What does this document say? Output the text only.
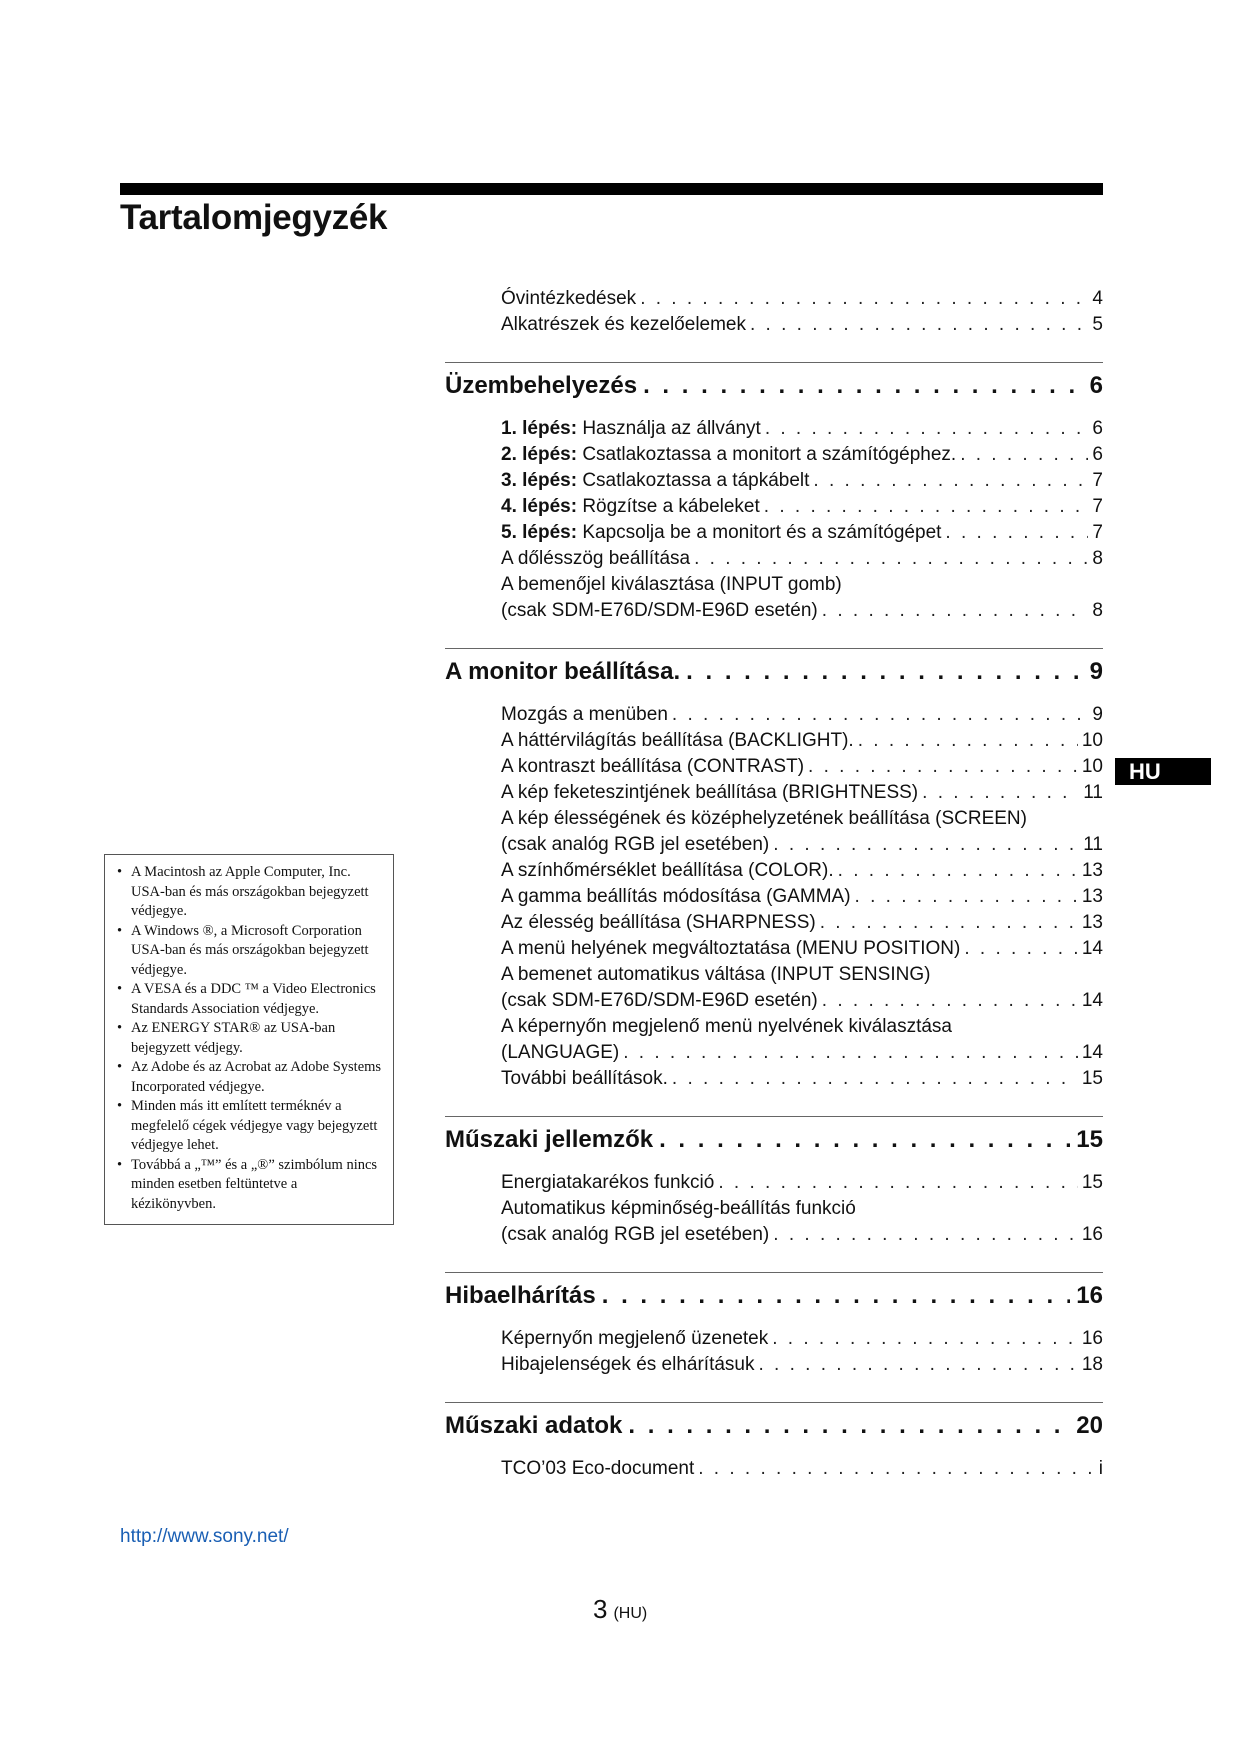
Tartalomjegyzék
Óvintézkedések . . .	4
Alkatrészek és kezelőelemek . . .	5
Üzembehelyezés . . .	6
1. lépés: Használja az állványt . . .	6
2. lépés: Csatlakoztassa a monitort a számítógéphez. . . .	6
3. lépés: Csatlakoztassa a tápkábelt . . .	7
4. lépés: Rögzítse a kábeleket . . .	7
5. lépés: Kapcsolja be a monitort és a számítógépet . . .	7
A dőlésszög beállítása . . .	8
A bemenőjel kiválasztása (INPUT gomb)
(csak SDM-E76D/SDM-E96D esetén) . . .	8
A monitor beállítása. . . .	9
Mozgás a menüben . . .	9
A háttérvilágítás beállítása (BACKLIGHT). . . .	10
A kontraszt beállítása (CONTRAST) . . .	10
A kép feketeszintjének beállítása (BRIGHTNESS) . . .	11
A kép élességének és középhelyzetének beállítása (SCREEN)
(csak analóg RGB jel esetében) . . .	11
A színhőmérséklet beállítása (COLOR). . . .	13
A gamma beállítás módosítása (GAMMA) . . .	13
Az élesség beállítása (SHARPNESS) . . .	13
A menü helyének megváltoztatása (MENU POSITION) . . .	14
A bemenet automatikus váltása (INPUT SENSING)
(csak SDM-E76D/SDM-E96D esetén) . . .	14
A képernyőn megjelenő menü nyelvének kiválasztása
(LANGUAGE) . . .	14
További beállítások. . . .	15
Műszaki jellemzők . . .	15
Energiatakarékos funkció . . .	15
Automatikus képminőség-beállítás funkció
(csak analóg RGB jel esetében) . . .	16
Hibaelhárítás . . .	16
Képernyőn megjelenő üzenetek . . .	16
Hibajelenségek és elhárításuk . . .	18
Műszaki adatok . . .	20
TCO’03 Eco-document . . .	i
HU
• A Macintosh az Apple Computer, Inc. USA-ban és más országokban bejegyzett védjegye.
• A Windows ®, a Microsoft Corporation USA-ban és más országokban bejegyzett védjegye.
• A VESA és a DDC ™ a Video Electronics Standards Association védjegye.
• Az ENERGY STAR® az USA-ban bejegyzett védjegy.
• Az Adobe és az Acrobat az Adobe Systems Incorporated védjegye.
• Minden más itt említett terméknév a megfelelő cégek védjegye vagy bejegyzett védjegye lehet.
• Továbbá a „™” és a „®” szimbólum nincs minden esetben feltüntetve a kézikönyvben.
http://www.sony.net/
3 (HU)
